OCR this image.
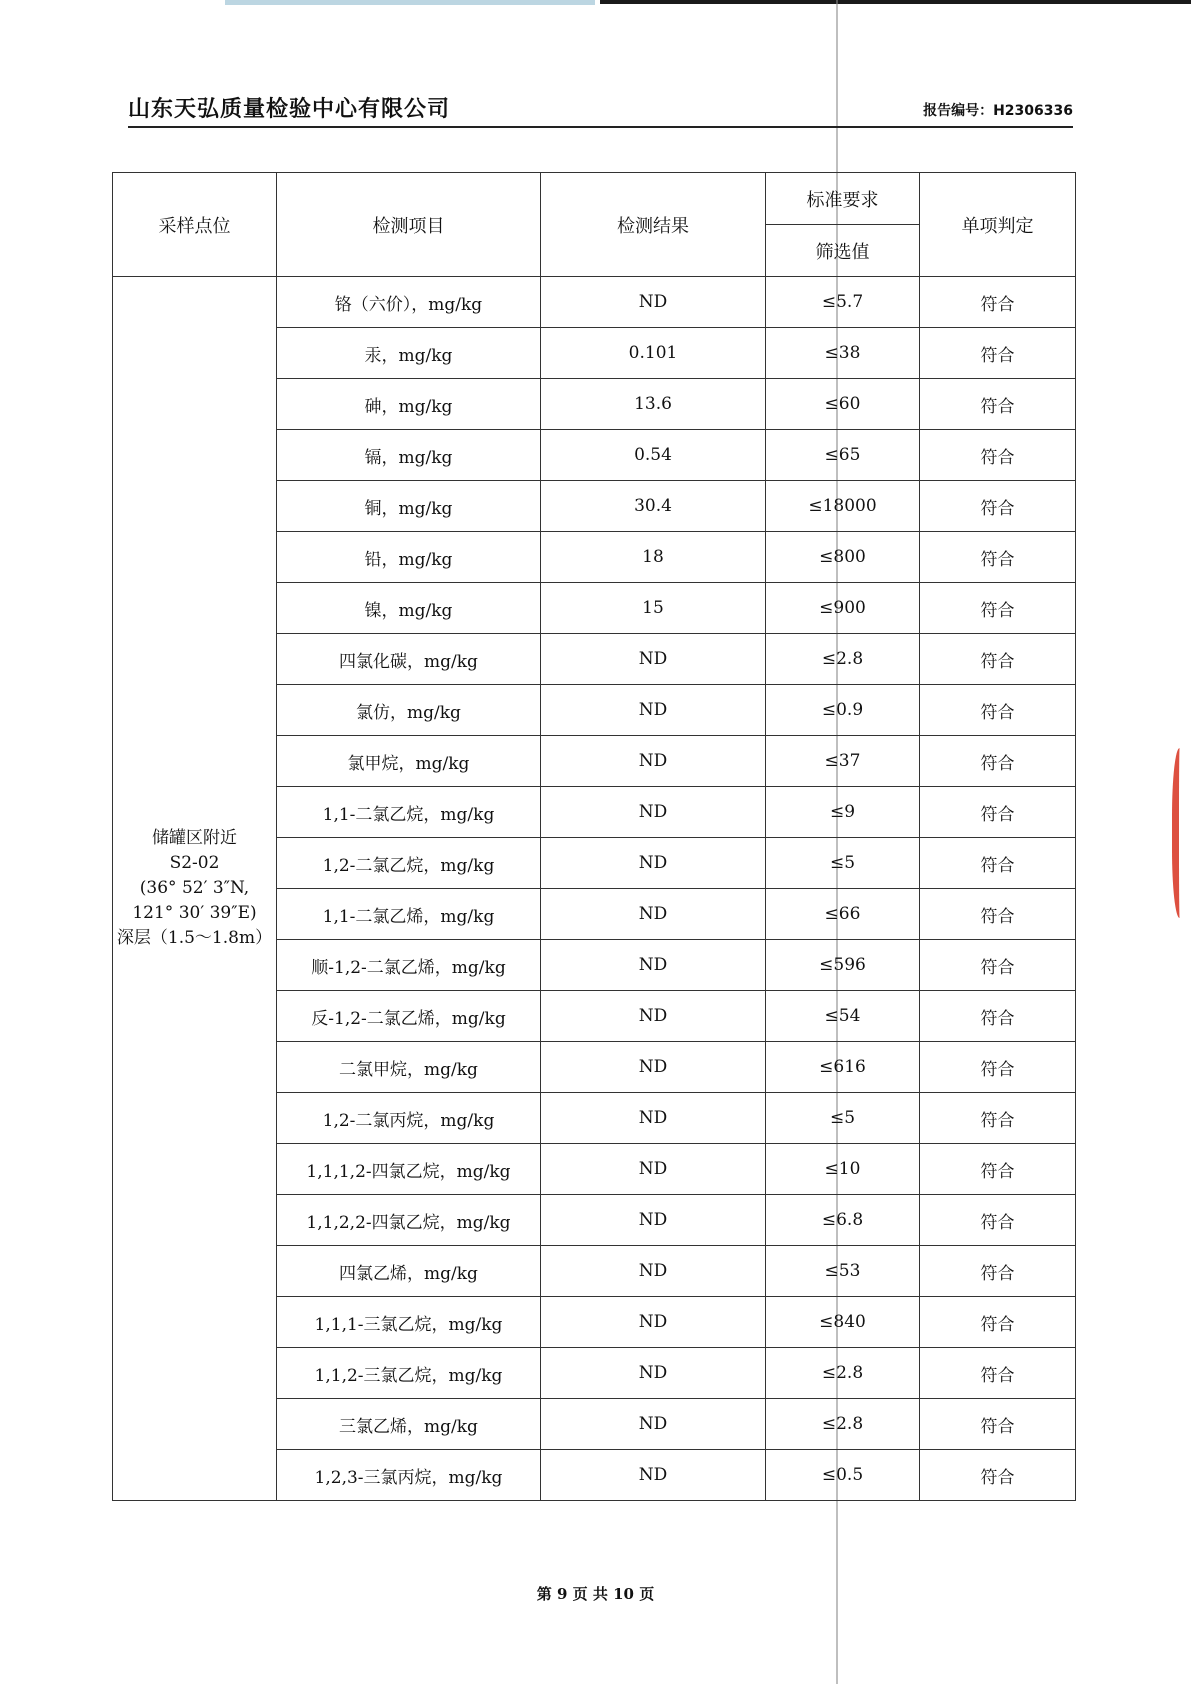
山东天弘质量检验中心有限公司	报告编号：H2306336
采样点位	检测项目	检测结果	标准要求	单项判定
			筛选值	

储罐区附近
S2-02
(36° 52′ 3″N,
121° 30′ 39″E)
深层（1.5～1.8m）	铬（六价），mg/kg	ND	≤5.7	符合
	汞，mg/kg	0.101	≤38	符合
	砷，mg/kg	13.6	≤60	符合
	镉，mg/kg	0.54	≤65	符合
	铜，mg/kg	30.4	≤18000	符合
	铅，mg/kg	18	≤800	符合
	镍，mg/kg	15	≤900	符合
	四氯化碳，mg/kg	ND	≤2.8	符合
	氯仿，mg/kg	ND	≤0.9	符合
	氯甲烷，mg/kg	ND	≤37	符合
	1,1-二氯乙烷，mg/kg	ND	≤9	符合
	1,2-二氯乙烷，mg/kg	ND	≤5	符合
	1,1-二氯乙烯，mg/kg	ND	≤66	符合
	顺-1,2-二氯乙烯，mg/kg	ND	≤596	符合
	反-1,2-二氯乙烯，mg/kg	ND	≤54	符合
	二氯甲烷，mg/kg	ND	≤616	符合
	1,2-二氯丙烷，mg/kg	ND	≤5	符合
	1,1,1,2-四氯乙烷，mg/kg	ND	≤10	符合
	1,1,2,2-四氯乙烷，mg/kg	ND	≤6.8	符合
	四氯乙烯，mg/kg	ND	≤53	符合
	1,1,1-三氯乙烷，mg/kg	ND	≤840	符合
	1,1,2-三氯乙烷，mg/kg	ND	≤2.8	符合
	三氯乙烯，mg/kg	ND	≤2.8	符合
	1,2,3-三氯丙烷，mg/kg	ND	≤0.5	符合
第 9 页 共 10 页
